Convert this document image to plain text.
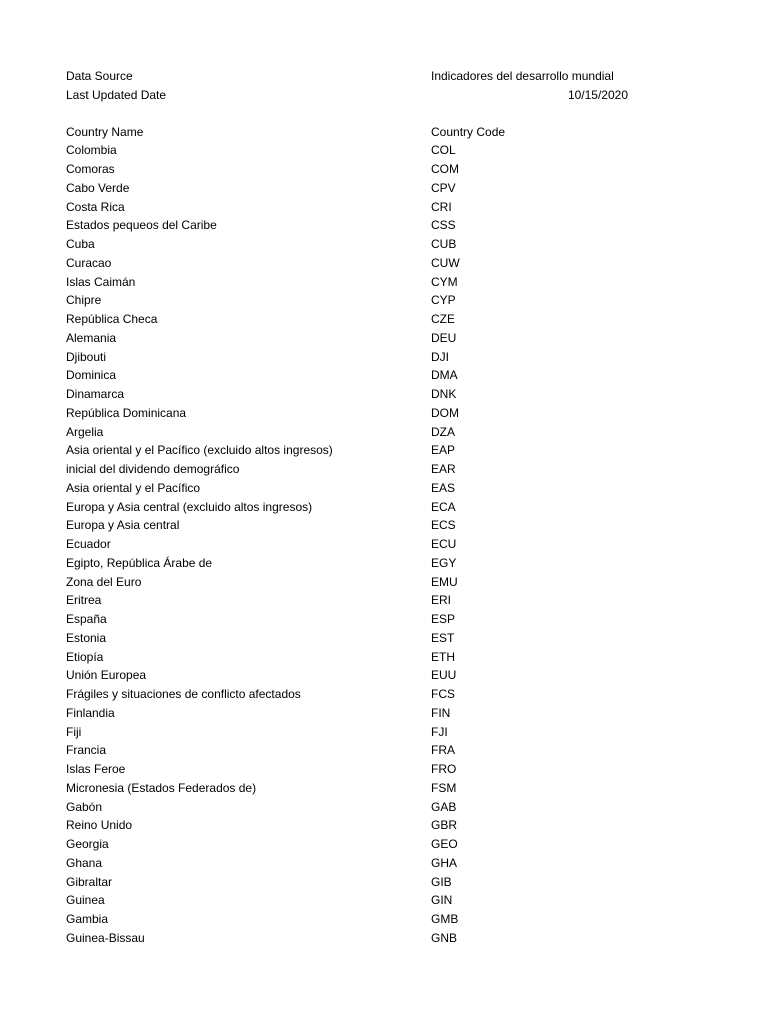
Data Source	Indicadores del desarrollo mundial
Last Updated Date	10/15/2020
Country Name	Country Code
Colombia	COL
Comoras	COM
Cabo Verde	CPV
Costa Rica	CRI
Estados pequeos del Caribe	CSS
Cuba	CUB
Curacao	CUW
Islas Caimán	CYM
Chipre	CYP
República Checa	CZE
Alemania	DEU
Djibouti	DJI
Dominica	DMA
Dinamarca	DNK
República Dominicana	DOM
Argelia	DZA
Asia oriental y el Pacífico (excluido altos ingresos)	EAP
inicial del dividendo demográfico	EAR
Asia oriental y el Pacífico	EAS
Europa y Asia central (excluido altos ingresos)	ECA
Europa y Asia central	ECS
Ecuador	ECU
Egipto, República Árabe de	EGY
Zona del Euro	EMU
Eritrea	ERI
España	ESP
Estonia	EST
Etiopía	ETH
Unión Europea	EUU
Frágiles y situaciones de conflicto afectados	FCS
Finlandia	FIN
Fiji	FJI
Francia	FRA
Islas Feroe	FRO
Micronesia (Estados Federados de)	FSM
Gabón	GAB
Reino Unido	GBR
Georgia	GEO
Ghana	GHA
Gibraltar	GIB
Guinea	GIN
Gambia	GMB
Guinea-Bissau	GNB
